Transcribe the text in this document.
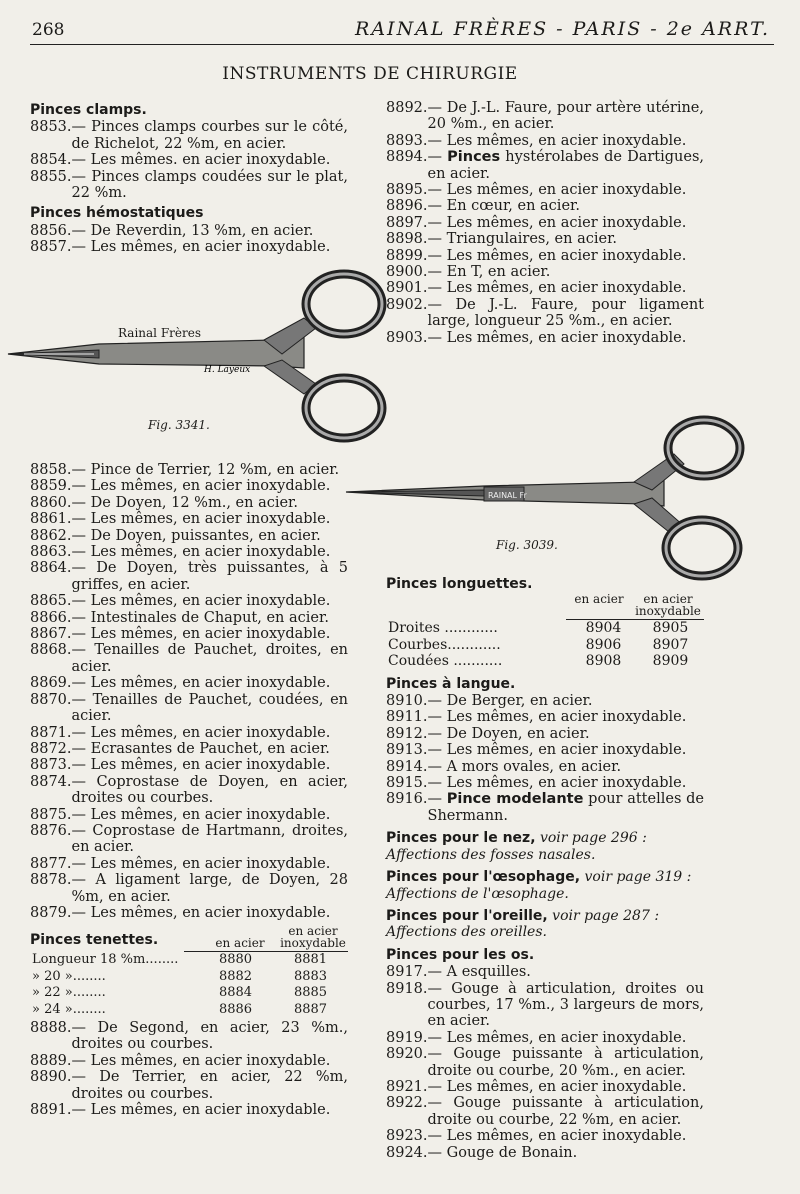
268	RAINAL FRÈRES - PARIS - 2e ARRT.
INSTRUMENTS DE CHIRURGIE
Pinces clamps.
8853. — Pinces clamps courbes sur le côté, de Richelot, 22 %m, en acier.
8854. — Les mêmes. en acier inoxydable.
8855. — Pinces clamps coudées sur le plat, 22 %m.
Pinces hémostatiques
8856. — De Reverdin, 13 %m, en acier.
8857. — Les mêmes, en acier inoxydable.
H. Layeux
Rainal Frères
Fig. 3341.
8858. — Pince de Terrier, 12 %m, en acier.
8859. — Les mêmes, en acier inoxydable.
8860. — De Doyen, 12 %m., en acier.
8861. — Les mêmes, en acier inoxydable.
8862. — De Doyen, puissantes, en acier.
8863. — Les mêmes, en acier inoxydable.
8864. — De Doyen, très puissantes, à 5 griffes, en acier.
8865. — Les mêmes, en acier inoxydable.
8866. — Intestinales de Chaput, en acier.
8867. — Les mêmes, en acier inoxydable.
8868. — Tenailles de Pauchet, droites, en acier.
8869. — Les mêmes, en acier inoxydable.
8870. — Tenailles de Pauchet, coudées, en acier.
8871. — Les mêmes, en acier inoxydable.
8872. — Ecrasantes de Pauchet, en acier.
8873. — Les mêmes, en acier inoxydable.
8874. — Coprostase de Doyen, en acier, droites ou courbes.
8875. — Les mêmes, en acier inoxydable.
8876. — Coprostase de Hartmann, droites, en acier.
8877. — Les mêmes, en acier inoxydable.
8878. — A ligament large, de Doyen, 28 %m, en acier.
8879. — Les mêmes, en acier inoxydable.
Pinces tenettes.	en acier
en acier inoxydable
Longueur 18 %m........	8880	8881
» 20 »........	8882	8883
» 22 »........	8884	8885
» 24 »........	8886	8887
8888. — De Segond, en acier, 23 %m., droites ou courbes.
8889. — Les mêmes, en acier inoxydable.
8890. — De Terrier, en acier, 22 %m, droites ou courbes.
8891. — Les mêmes, en acier inoxydable.
8892. — De J.-L. Faure, pour artère utérine, 20 %m., en acier.
8893. — Les mêmes, en acier inoxydable.
8894. — Pinces hystérolabes de Dartigues, en acier.
8895. — Les mêmes, en acier inoxydable.
8896. — En cœur, en acier.
8897. — Les mêmes, en acier inoxydable.
8898. — Triangulaires, en acier.
8899. — Les mêmes, en acier inoxydable.
8900. — En T, en acier.
8901. — Les mêmes, en acier inoxydable.
8902. — De J.-L. Faure, pour ligament large, longueur 25 %m., en acier.
8903. — Les mêmes, en acier inoxydable.
RAINAL Fr
Fig. 3039.
Pinces longuettes.
en acier	en acier inoxydable
Droites ............	8904	8905
Courbes............	8906	8907
Coudées ...........	8908	8909
Pinces à langue.
8910. — De Berger, en acier.
8911. — Les mêmes, en acier inoxydable.
8912. — De Doyen, en acier.
8913. — Les mêmes, en acier inoxydable.
8914. — A mors ovales, en acier.
8915. — Les mêmes, en acier inoxydable.
8916. — Pince modelante pour attelles de Shermann.
Pinces pour le nez, voir page 296 : Affections des fosses nasales.
Pinces pour l'œsophage, voir page 319 : Affections de l'œsophage.
Pinces pour l'oreille, voir page 287 : Affections des oreilles.
Pinces pour les os.
8917. — A esquilles.
8918. — Gouge à articulation, droites ou courbes, 17 %m., 3 largeurs de mors, en acier.
8919. — Les mêmes, en acier inoxydable.
8920. — Gouge puissante à articulation, droite ou courbe, 20 %m., en acier.
8921. — Les mêmes, en acier inoxydable.
8922. — Gouge puissante à articulation, droite ou courbe, 22 %m, en acier.
8923. — Les mêmes, en acier inoxydable.
8924. — Gouge de Bonain.
